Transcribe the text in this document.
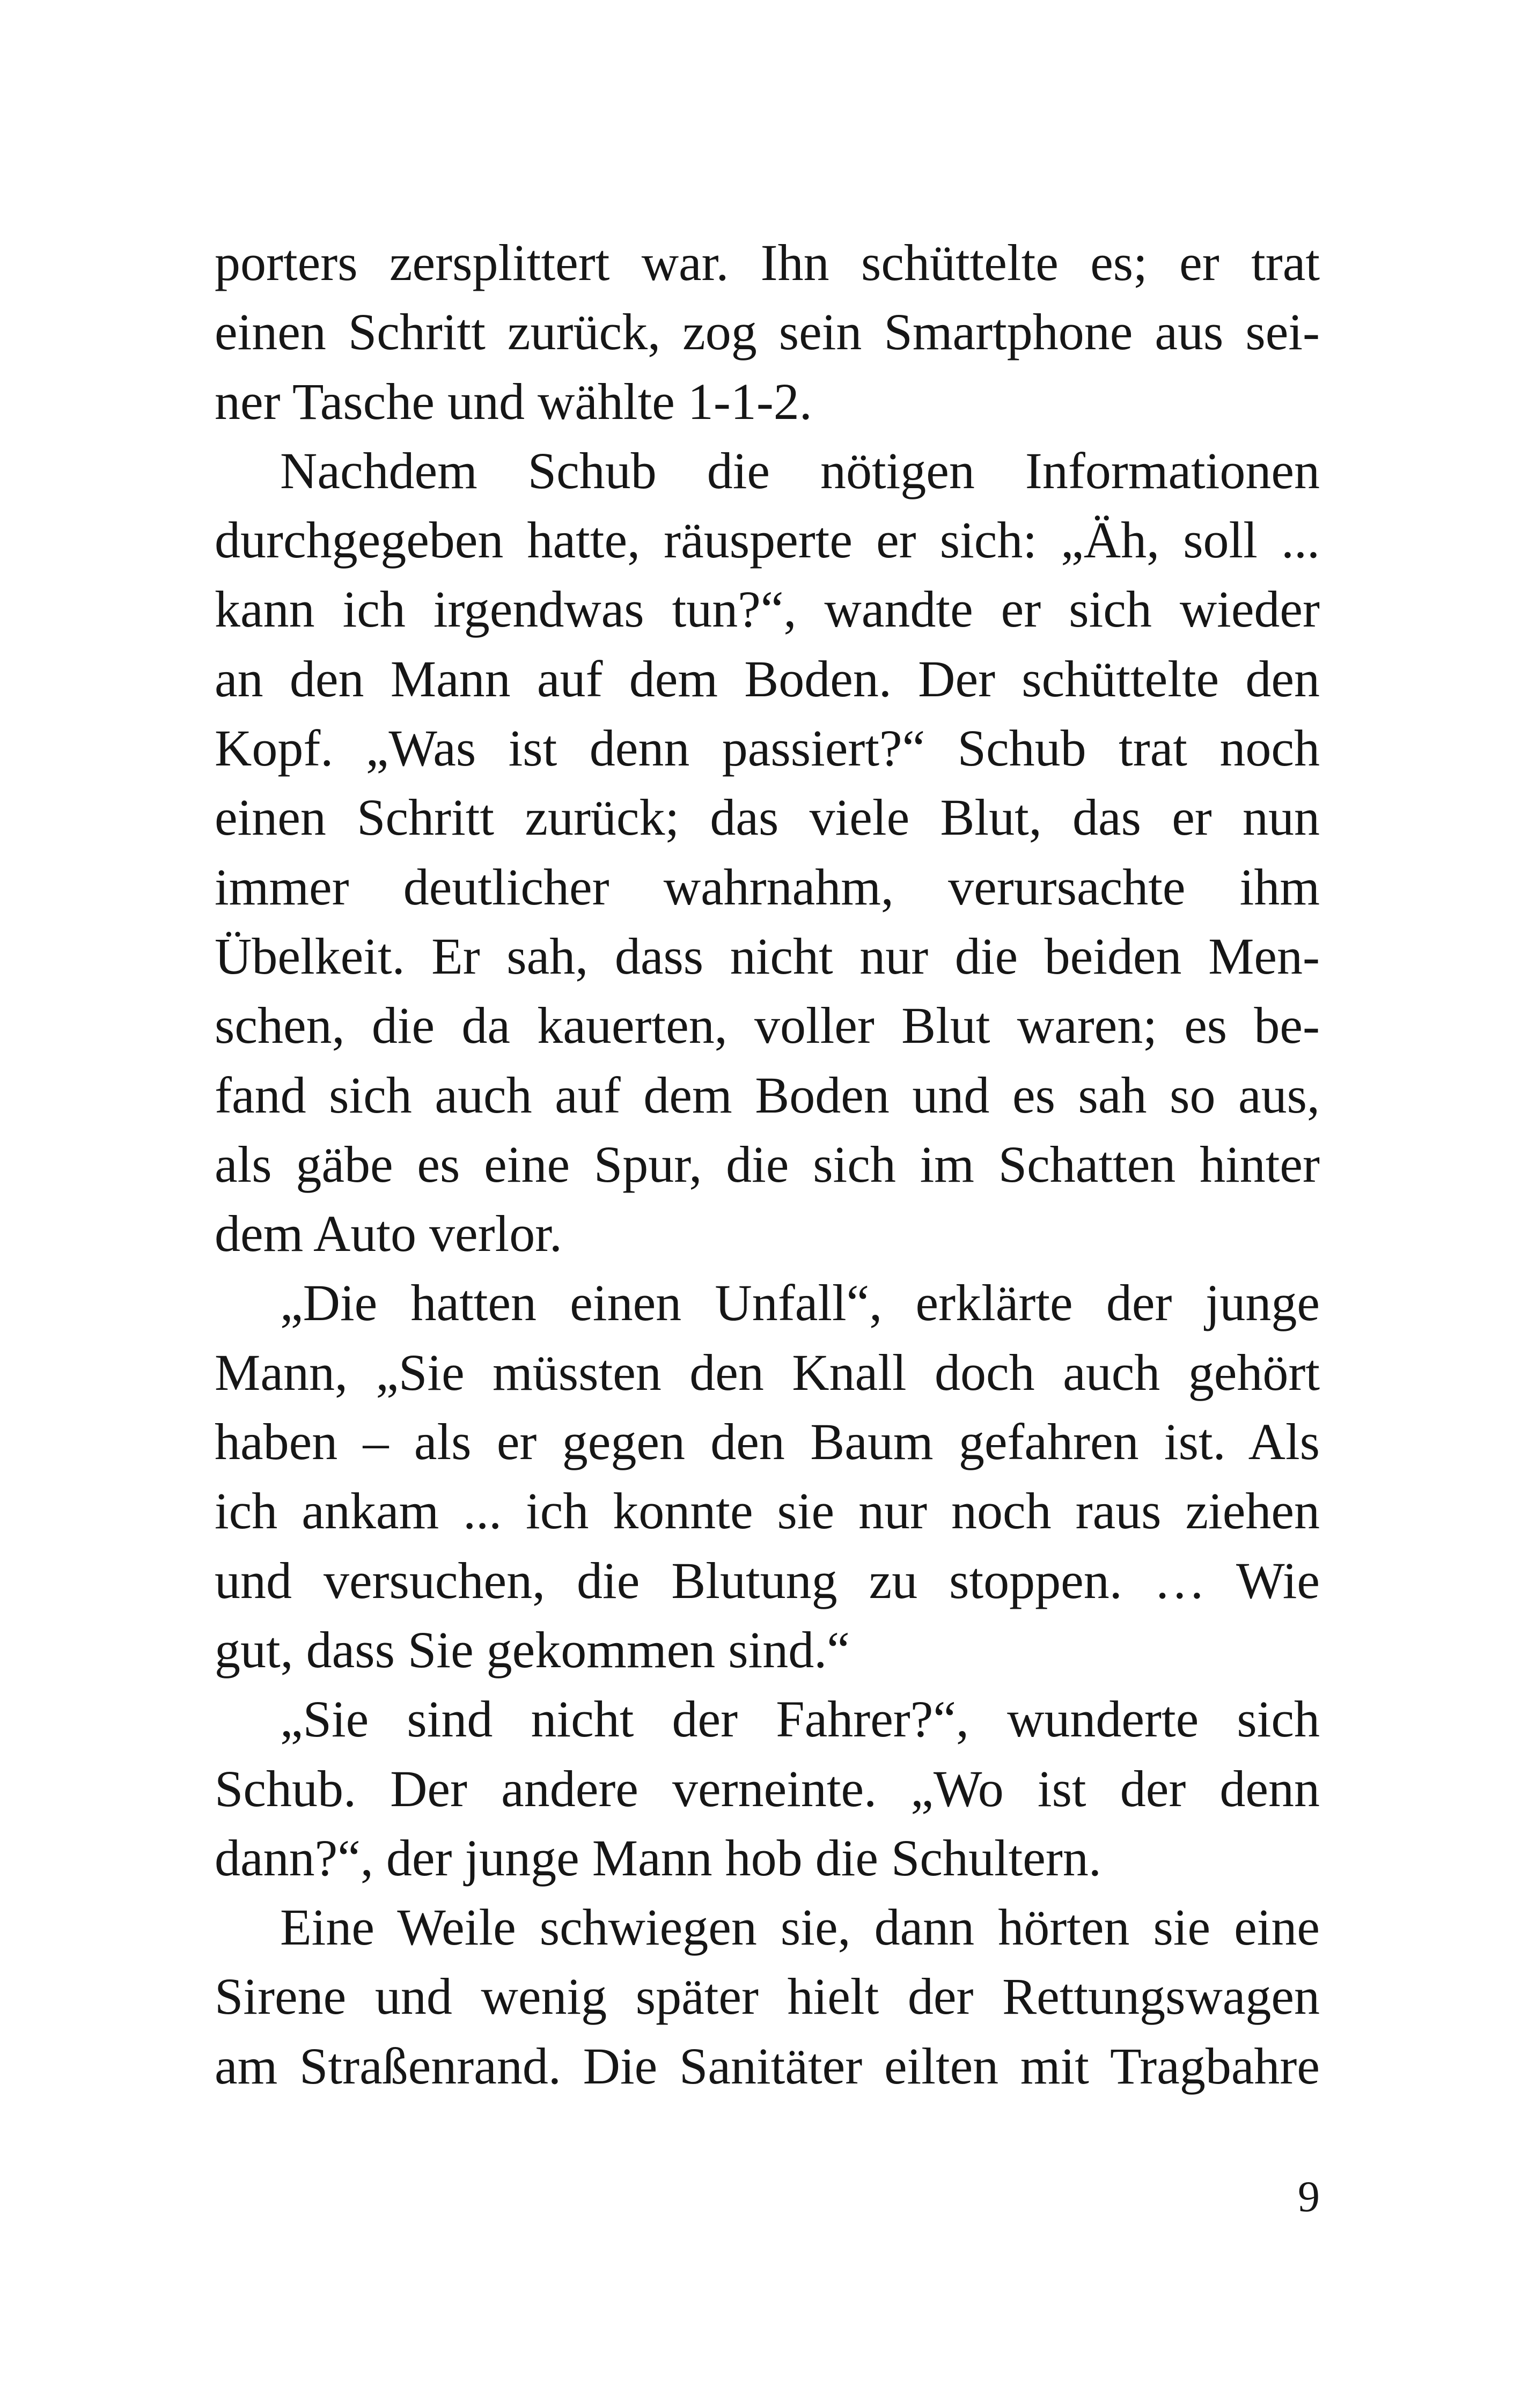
porters zersplittert war. Ihn schüttelte es; er trat
einen Schritt zurück, zog sein Smartphone aus sei-
ner Tasche und wählte 1-1-2.
Nachdem Schub die nötigen Informationen
durchgegeben hatte, räusperte er sich: „Äh, soll ...
kann ich irgendwas tun?“, wandte er sich wieder
an den Mann auf dem Boden. Der schüttelte den
Kopf. „Was ist denn passiert?“ Schub trat noch
einen Schritt zurück; das viele Blut, das er nun
immer deutlicher wahrnahm, verursachte ihm
Übelkeit. Er sah, dass nicht nur die beiden Men-
schen, die da kauerten, voller Blut waren; es be-
fand sich auch auf dem Boden und es sah so aus,
als gäbe es eine Spur, die sich im Schatten hinter
dem Auto verlor.
„Die hatten einen Unfall“, erklärte der junge
Mann, „Sie müssten den Knall doch auch gehört
haben – als er gegen den Baum gefahren ist. Als
ich ankam ... ich konnte sie nur noch raus ziehen
und versuchen, die Blutung zu stoppen. … Wie
gut, dass Sie gekommen sind.“
„Sie sind nicht der Fahrer?“, wunderte sich
Schub. Der andere verneinte. „Wo ist der denn
dann?“, der junge Mann hob die Schultern.
Eine Weile schwiegen sie, dann hörten sie eine
Sirene und wenig später hielt der Rettungswagen
am Straßenrand. Die Sanitäter eilten mit Tragbahre
9
